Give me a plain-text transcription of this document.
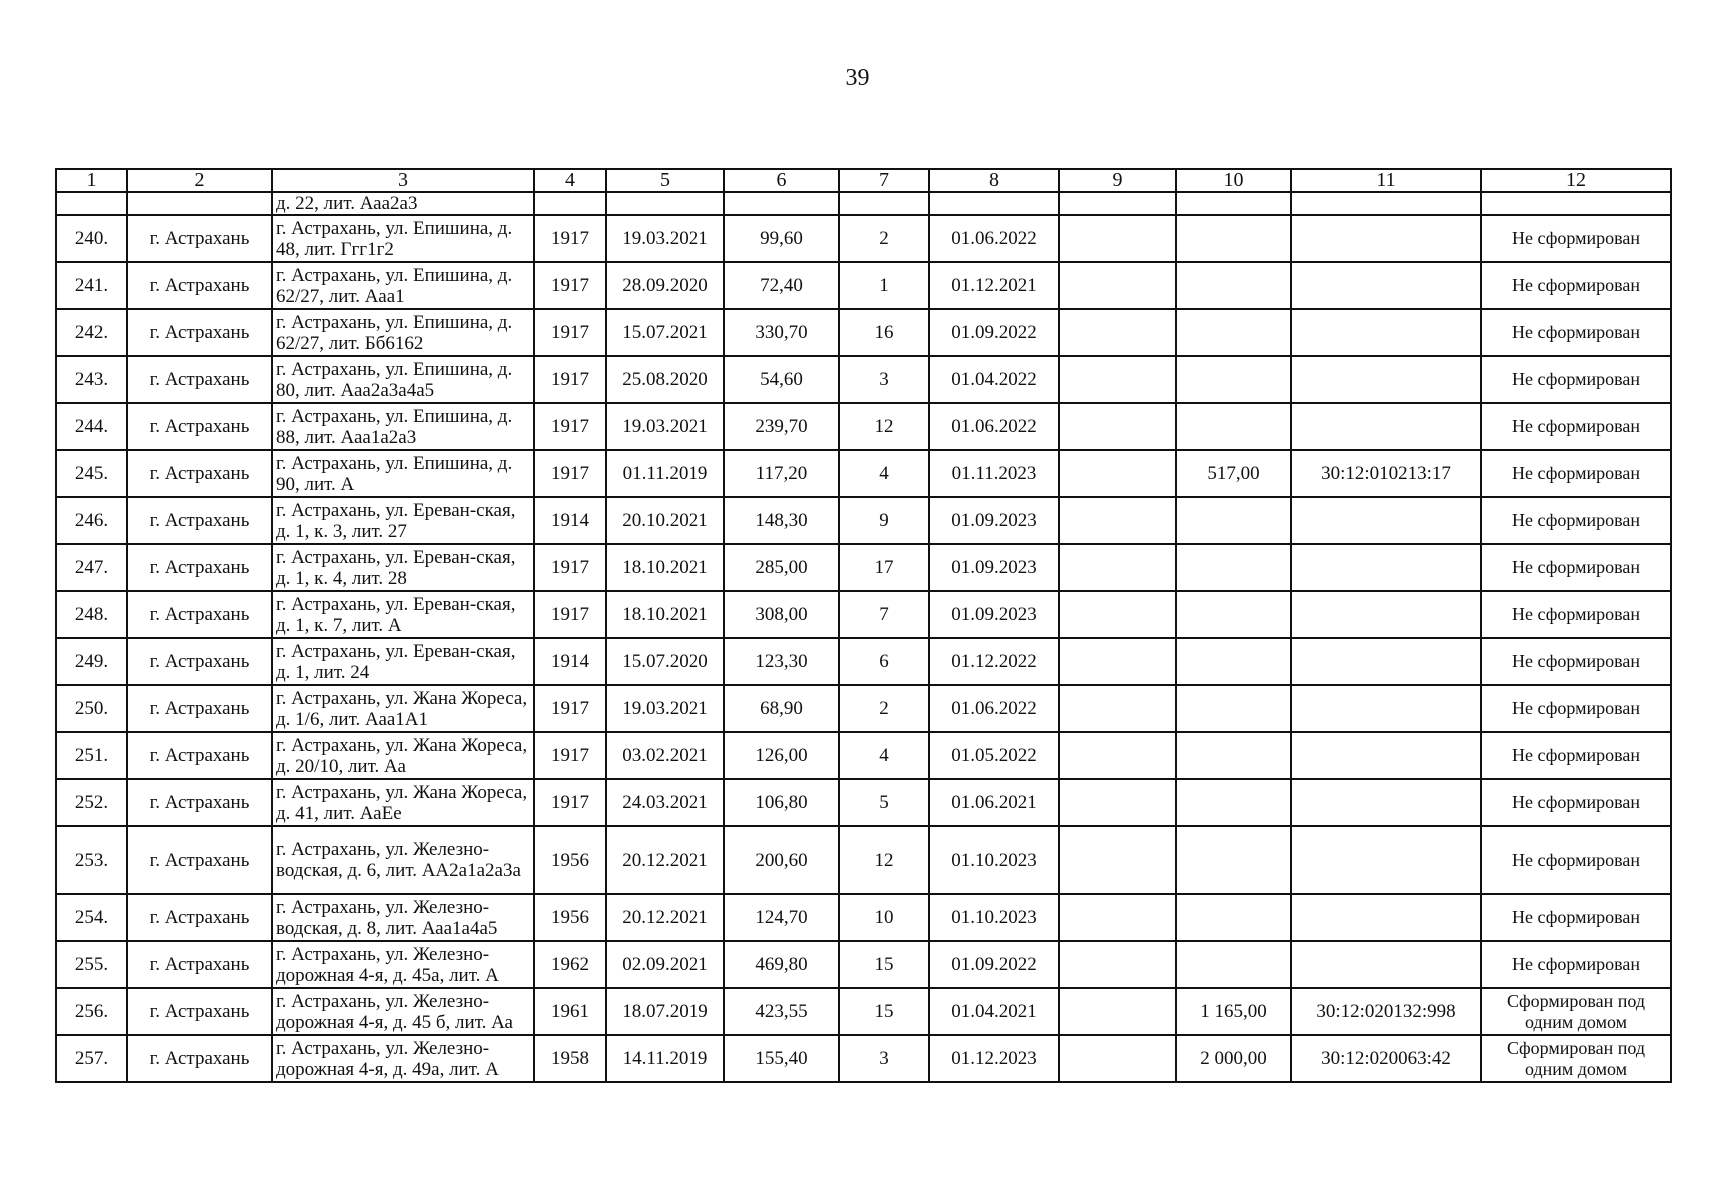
39
1	2	3	4	5	6	7	8	9	10	11	12
		д. 22, лит. Ааа2а3									
240.	г. Астрахань	г. Астрахань, ул. Епишина, д. 48, лит. Ггг1г2	1917	19.03.2021	99,60	2	01.06.2022				Не сформирован
241.	г. Астрахань	г. Астрахань, ул. Епишина, д. 62/27, лит. Ааа1	1917	28.09.2020	72,40	1	01.12.2021				Не сформирован
242.	г. Астрахань	г. Астрахань, ул. Епишина, д. 62/27, лит. Бб6162	1917	15.07.2021	330,70	16	01.09.2022				Не сформирован
243.	г. Астрахань	г. Астрахань, ул. Епишина, д. 80, лит. Ааа2а3а4а5	1917	25.08.2020	54,60	3	01.04.2022				Не сформирован
244.	г. Астрахань	г. Астрахань, ул. Епишина, д. 88, лит. Ааа1а2а3	1917	19.03.2021	239,70	12	01.06.2022				Не сформирован
245.	г. Астрахань	г. Астрахань, ул. Епишина, д. 90, лит. А	1917	01.11.2019	117,20	4	01.11.2023		517,00	30:12:010213:17	Не сформирован
246.	г. Астрахань	г. Астрахань, ул. Ереван-ская, д. 1, к. 3, лит. 27	1914	20.10.2021	148,30	9	01.09.2023				Не сформирован
247.	г. Астрахань	г. Астрахань, ул. Ереван-ская, д. 1, к. 4, лит. 28	1917	18.10.2021	285,00	17	01.09.2023				Не сформирован
248.	г. Астрахань	г. Астрахань, ул. Ереван-ская, д. 1, к. 7, лит. А	1917	18.10.2021	308,00	7	01.09.2023				Не сформирован
249.	г. Астрахань	г. Астрахань, ул. Ереван-ская, д. 1, лит. 24	1914	15.07.2020	123,30	6	01.12.2022				Не сформирован
250.	г. Астрахань	г. Астрахань, ул. Жана Жореса, д. 1/6, лит. Ааа1А1	1917	19.03.2021	68,90	2	01.06.2022				Не сформирован
251.	г. Астрахань	г. Астрахань, ул. Жана Жореса, д. 20/10, лит. Аа	1917	03.02.2021	126,00	4	01.05.2022				Не сформирован
252.	г. Астрахань	г. Астрахань, ул. Жана Жореса, д. 41, лит. АаЕе	1917	24.03.2021	106,80	5	01.06.2021				Не сформирован
253.	г. Астрахань	г. Астрахань, ул. Железно-водская, д. 6, лит. АА2а1а2а3а	1956	20.12.2021	200,60	12	01.10.2023				Не сформирован
254.	г. Астрахань	г. Астрахань, ул. Железно-водская, д. 8, лит. Ааа1а4а5	1956	20.12.2021	124,70	10	01.10.2023				Не сформирован
255.	г. Астрахань	г. Астрахань, ул. Железно-дорожная 4-я, д. 45а, лит. А	1962	02.09.2021	469,80	15	01.09.2022				Не сформирован
256.	г. Астрахань	г. Астрахань, ул. Железно-дорожная 4-я, д. 45 б, лит. Аа	1961	18.07.2019	423,55	15	01.04.2021		1 165,00	30:12:020132:998	Сформирован под одним домом
257.	г. Астрахань	г. Астрахань, ул. Железно-дорожная 4-я, д. 49а, лит. А	1958	14.11.2019	155,40	3	01.12.2023		2 000,00	30:12:020063:42	Сформирован под одним домом
